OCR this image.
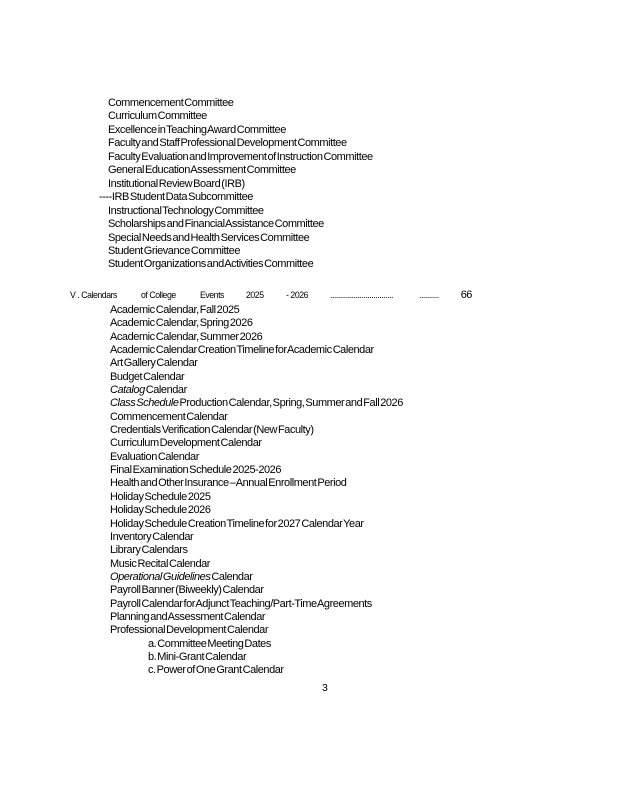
Commencement Committee
Curriculum Committee
Excellence in Teaching Award Committee
Faculty and Staff Professional Development Committee
Faculty Evaluation and Improvement of Instruction Committee
General Education Assessment Committee
Institutional Review Board (IRB)
----IRB Student Data Subcommittee
Instructional Technology Committee
Scholarships and Financial Assistance Committee
Special Needs and Health Services Committee
Student Grievance Committee
Student Organizations and Activities Committee
V . Calendars	of College Events 2025 - 2026 ................................	.......... 66
Academic Calendar, Fall 2025
Academic Calendar, Spring 2026
Academic Calendar, Summer 2026
Academic Calendar Creation Timeline for Academic Calendar
Art Gallery Calendar
Budget Calendar
Catalog Calendar
Class Schedule Production Calendar, Spring, Summer and Fall 2026
Commencement Calendar
Credentials Verification Calendar (New Faculty)
Curriculum Development Calendar
Evaluation Calendar
Final Examination Schedule 2025-2026
Health and Other Insurance – Annual Enrollment Period
Holiday Schedule 2025
Holiday Schedule 2026
Holiday Schedule Creation Timeline for 2027 Calendar Year
Inventory Calendar
Library Calendars
Music Recital Calendar
Operational Guidelines Calendar
Payroll Banner (Biweekly) Calendar
Payroll Calendar for Adjunct Teaching/Part-Time Agreements
Planning and Assessment Calendar
Professional Development Calendar
a. Committee Meeting Dates
b. Mini-Grant Calendar
c. Power of One Grant Calendar
3
